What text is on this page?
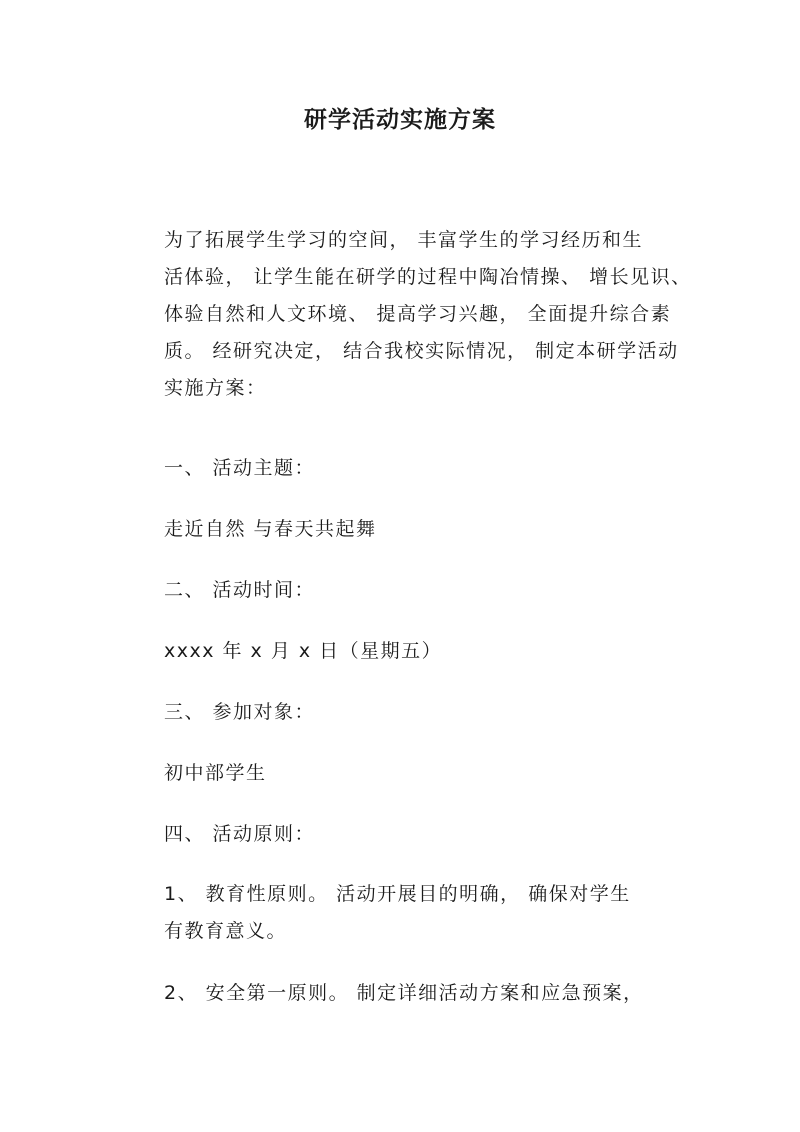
研学活动实施方案
为了拓展学生学习的空间， 丰富学生的学习经历和生
活体验， 让学生能在研学的过程中陶冶情操、 增长见识、
体验自然和人文环境、 提高学习兴趣， 全面提升综合素
质。 经研究决定， 结合我校实际情况， 制定本研学活动
实施方案：
一、 活动主题：
走近自然 与春天共起舞
二、 活动时间：
xxxx 年 x 月 x 日（星期五）
三、 参加对象：
初中部学生
四、 活动原则：
1、 教育性原则。 活动开展目的明确， 确保对学生
有教育意义。
2、 安全第一原则。 制定详细活动方案和应急预案，
